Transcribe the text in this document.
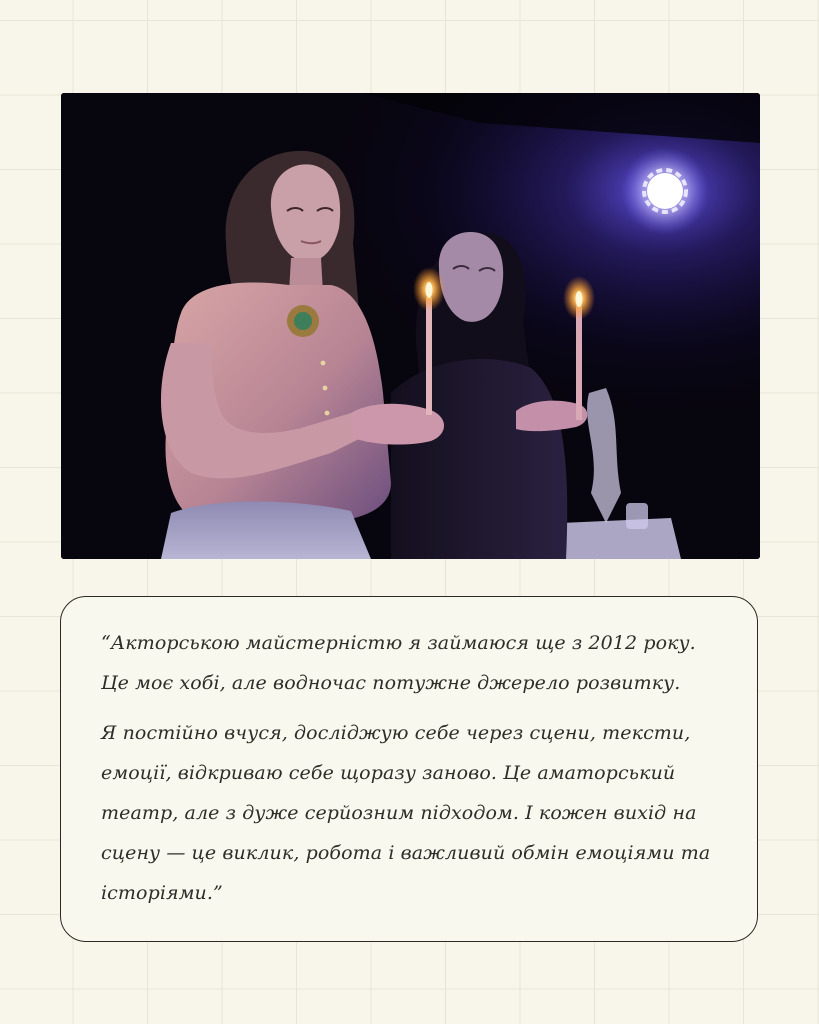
“Акторською майстерністю я займаюся ще з 2012 року. Це моє хобі, але водночас потужне джерело розвитку.

Я постійно вчуся, досліджую себе через сцени, тексти, емоції, відкриваю себе щоразу заново. Це аматорський театр, але з дуже серйозним підходом. І кожен вихід на сцену — це виклик, робота і важливий обмін емоціями та історіями.”
